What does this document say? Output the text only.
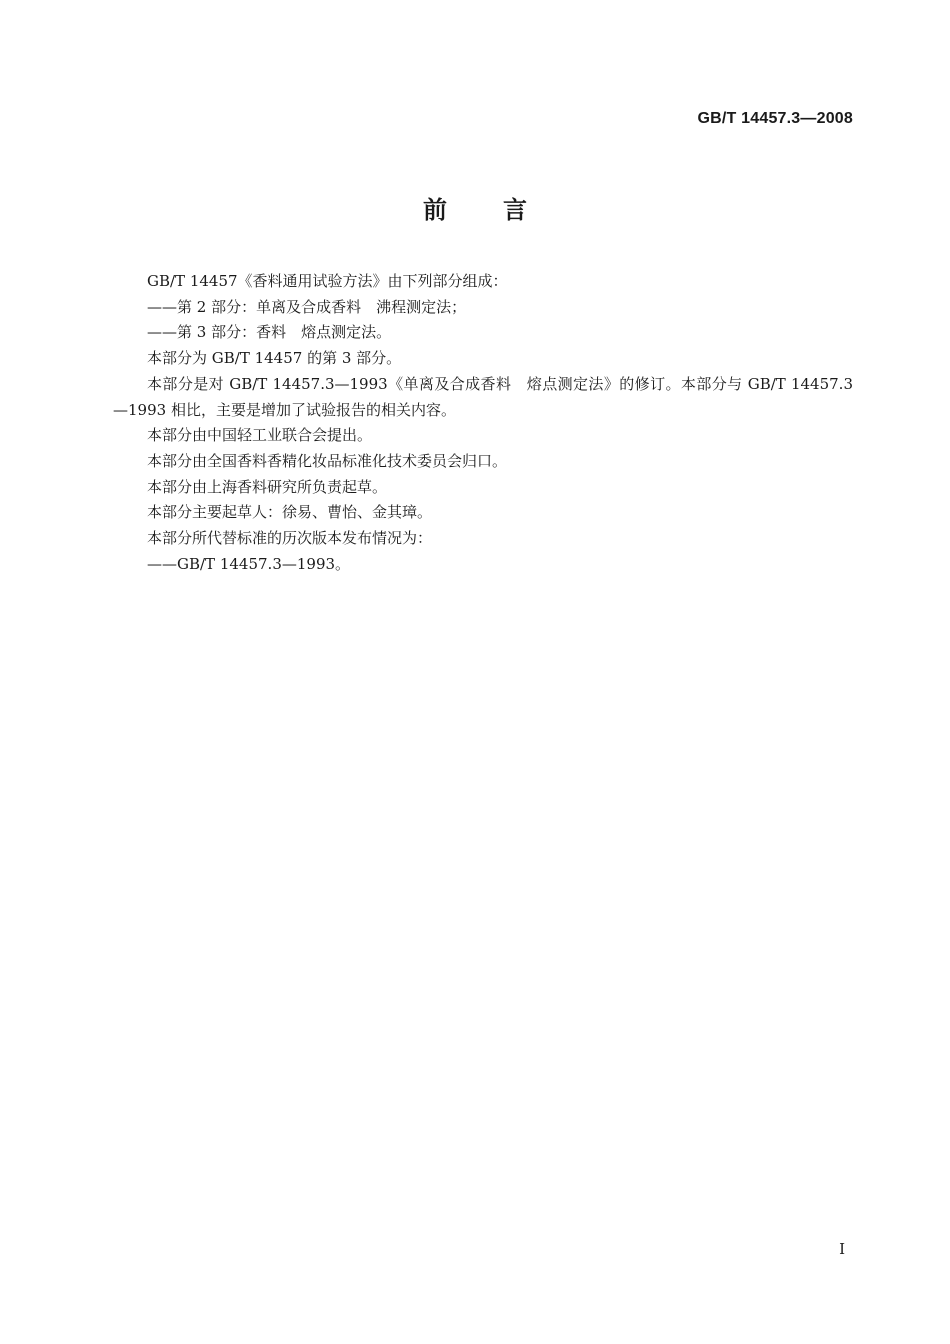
GB/T 14457.3—2008
前 言

GB/T 14457《香料通用试验方法》由下列部分组成：

——第 2 部分：单离及合成香料　沸程测定法；

——第 3 部分：香料　熔点测定法。

本部分为 GB/T 14457 的第 3 部分。

本部分是对 GB/T 14457.3—1993《单离及合成香料　熔点测定法》的修订。本部分与 GB/T 14457.3—1993 相比，主要是增加了试验报告的相关内容。

本部分由中国轻工业联合会提出。

本部分由全国香料香精化妆品标准化技术委员会归口。

本部分由上海香料研究所负责起草。

本部分主要起草人：徐易、曹怡、金其璋。

本部分所代替标准的历次版本发布情况为：

——GB/T 14457.3—1993。

Ⅰ
